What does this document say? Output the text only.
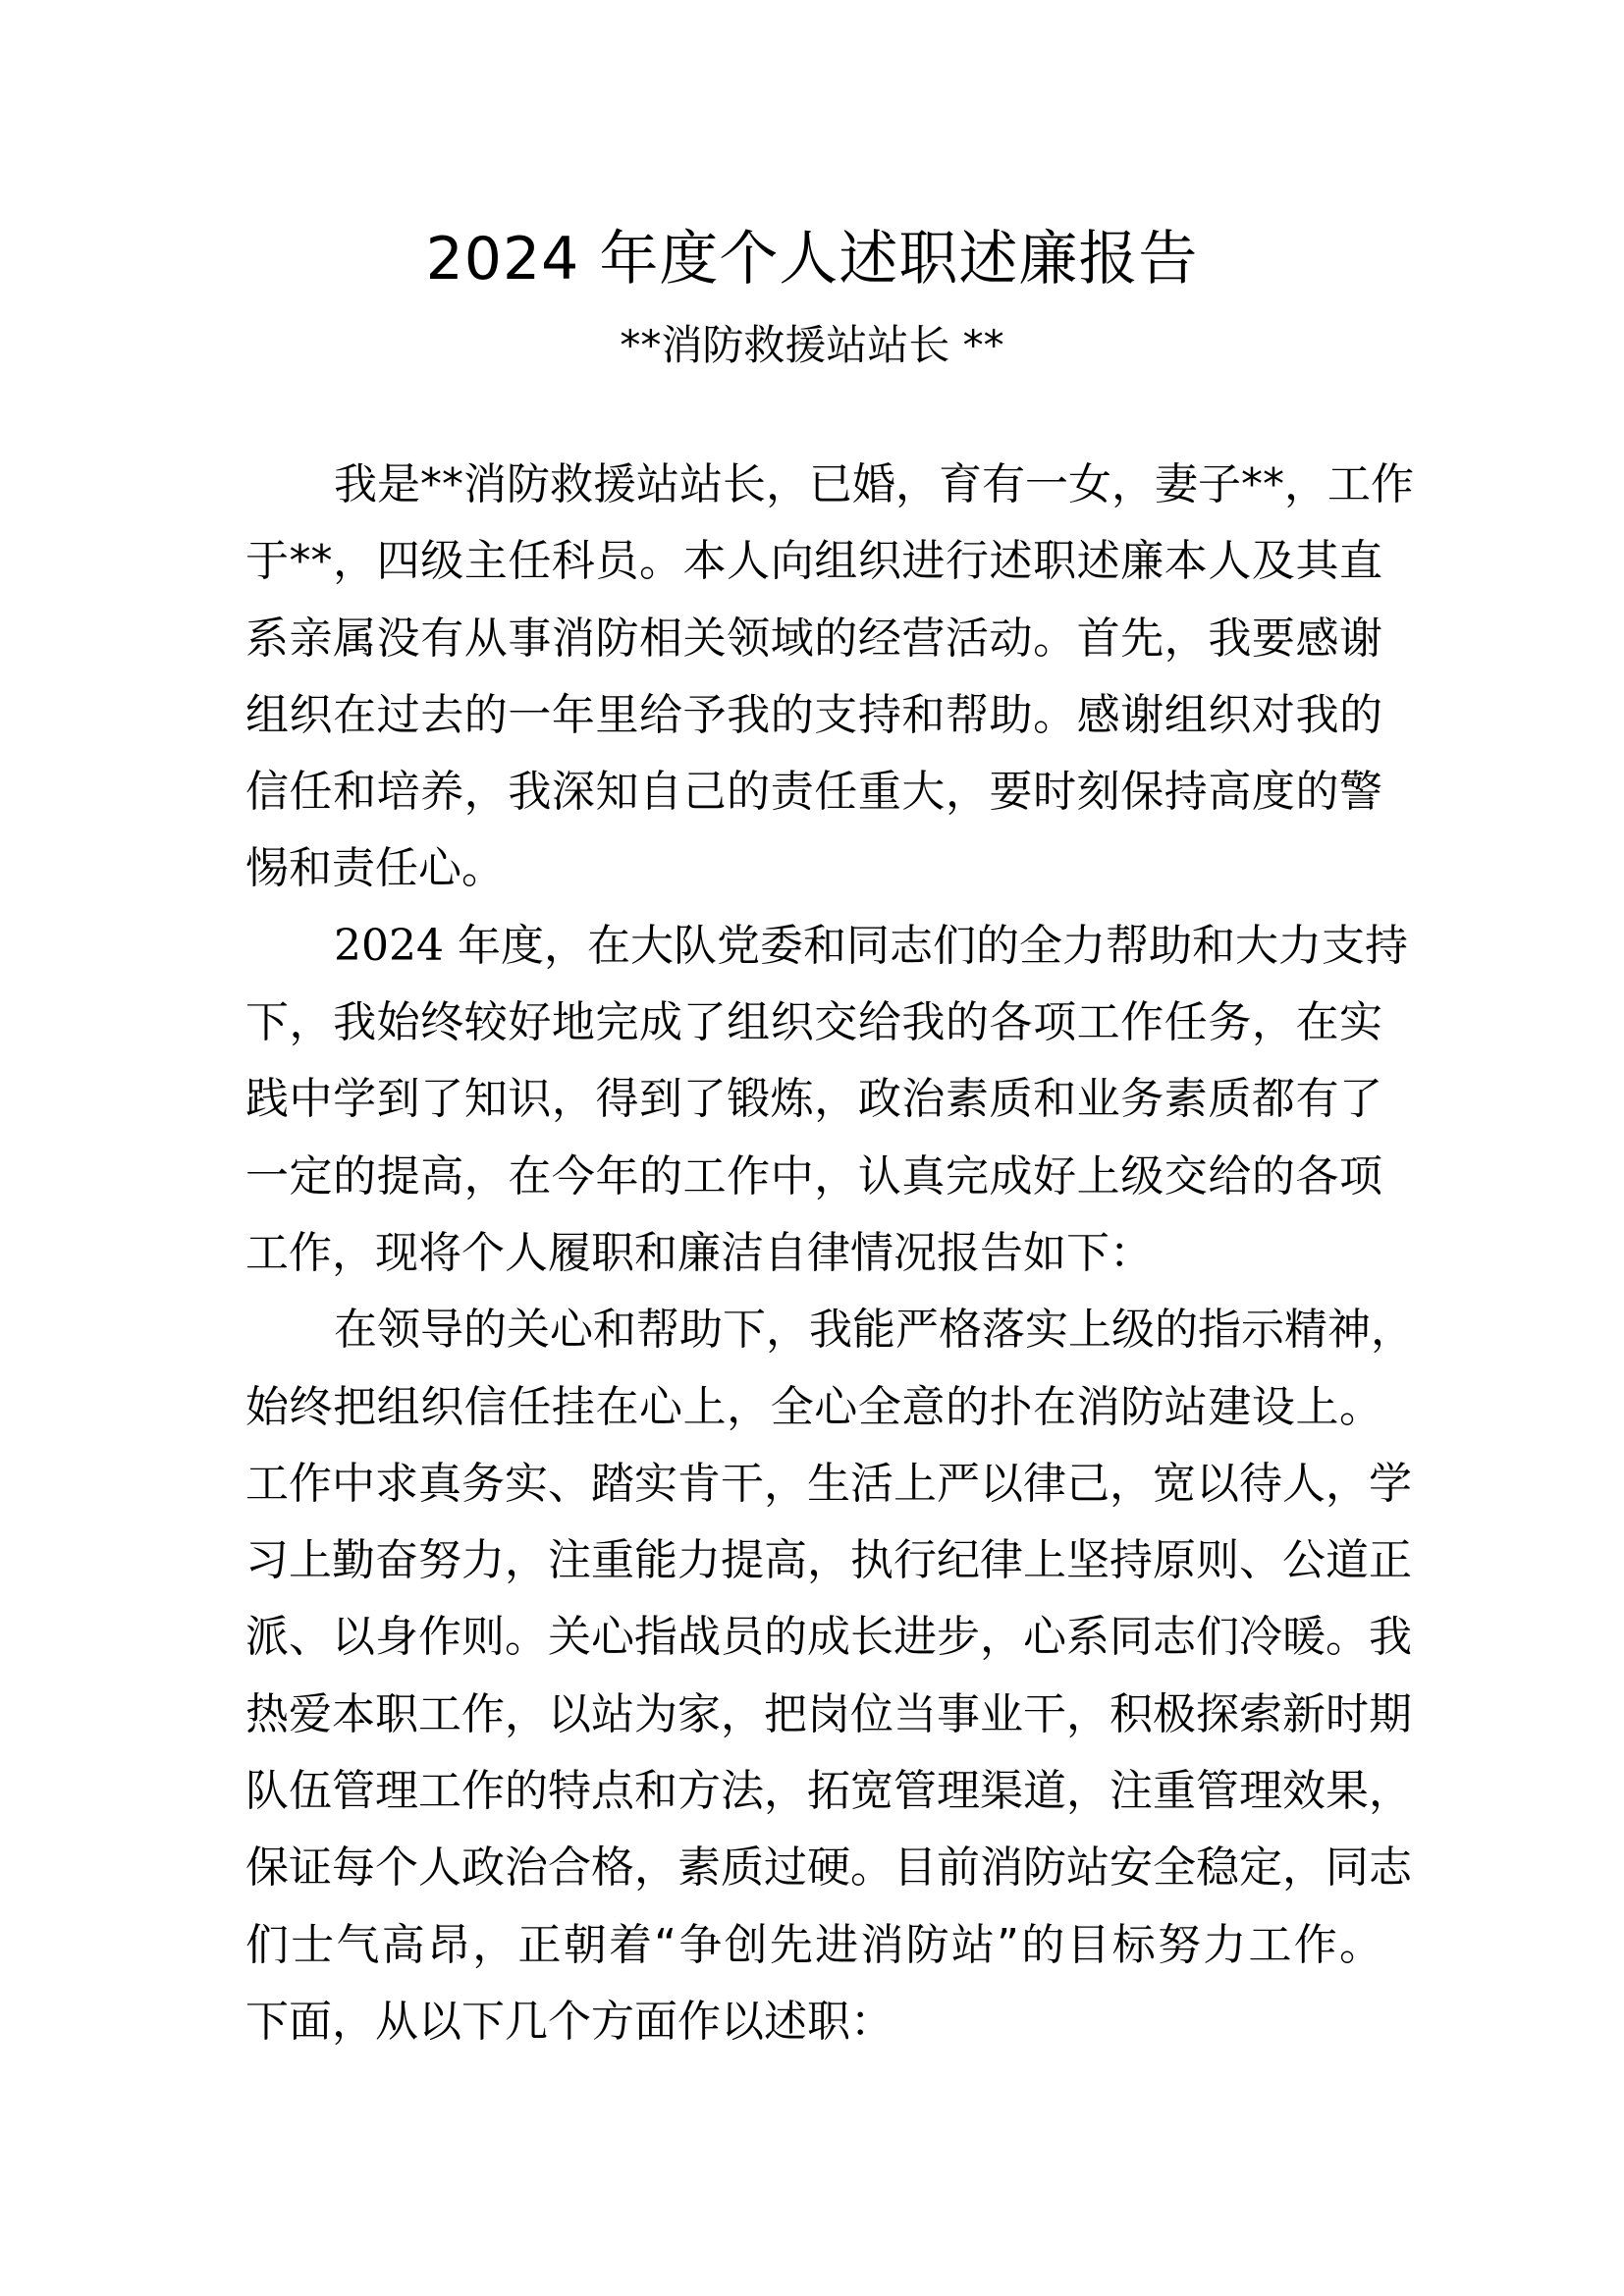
2024 年度个人述职述廉报告
**消防救援站站长 **
我是**消防救援站站长，已婚，育有一女，妻子**，工作
于**，四级主任科员。本人向组织进行述职述廉本人及其直
系亲属没有从事消防相关领域的经营活动。首先，我要感谢
组织在过去的一年里给予我的支持和帮助。感谢组织对我的
信任和培养，我深知自己的责任重大，要时刻保持高度的警
惕和责任心。
2024 年度，在大队党委和同志们的全力帮助和大力支持
下，我始终较好地完成了组织交给我的各项工作任务，在实
践中学到了知识，得到了锻炼，政治素质和业务素质都有了
一定的提高，在今年的工作中，认真完成好上级交给的各项
工作，现将个人履职和廉洁自律情况报告如下：
在领导的关心和帮助下，我能严格落实上级的指示精神，
始终把组织信任挂在心上，全心全意的扑在消防站建设上。
工作中求真务实、踏实肯干，生活上严以律己，宽以待人，学
习上勤奋努力，注重能力提高，执行纪律上坚持原则、公道正
派、以身作则。关心指战员的成长进步，心系同志们冷暖。我
热爱本职工作，以站为家，把岗位当事业干，积极探索新时期
队伍管理工作的特点和方法，拓宽管理渠道，注重管理效果，
保证每个人政治合格，素质过硬。目前消防站安全稳定，同志
们士气高昂，正朝着“争创先进消防站”的目标努力工作。
下面，从以下几个方面作以述职：
